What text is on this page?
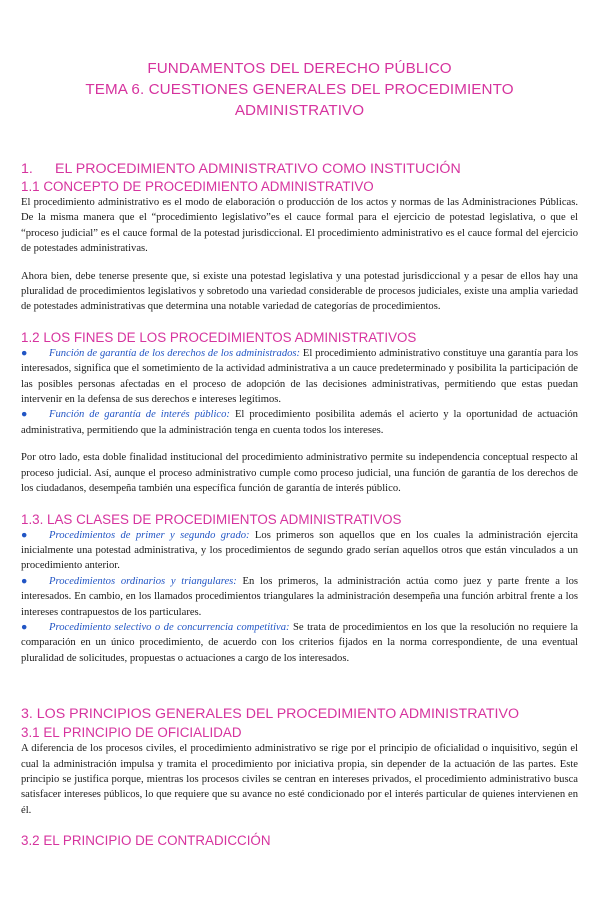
FUNDAMENTOS DEL DERECHO PÚBLICO
TEMA 6. CUESTIONES GENERALES DEL PROCEDIMIENTO
ADMINISTRATIVO
1. EL PROCEDIMIENTO ADMINISTRATIVO COMO INSTITUCIÓN
1.1 CONCEPTO DE PROCEDIMIENTO ADMINISTRATIVO

El procedimiento administrativo es el modo de elaboración o producción de los actos y normas de las Administraciones Públicas. De la misma manera que el “procedimiento legislativo”es el cauce formal para el ejercicio de potestad legislativa, o que el “proceso judicial” es el cauce formal de la potestad jurisdiccional. El procedimiento administrativo es el cauce formal del ejercicio de potestades administrativas.

Ahora bien, debe tenerse presente que, si existe una potestad legislativa y una potestad jurisdiccional y a pesar de ellos hay una pluralidad de procedimientos legislativos y sobretodo una variedad considerable de procesos judiciales, existe una amplia variedad de potestades administrativas que determina una notable variedad de categorías de procedimientos.

1.2 LOS FINES DE LOS PROCEDIMIENTOS ADMINISTRATIVOS

● Función de garantía de los derechos de los administrados: El procedimiento administrativo constituye una garantía para los interesados, significa que el sometimiento de la actividad administrativa a un cauce predeterminado y posibilita la participación de las posibles personas afectadas en el proceso de adopción de las decisiones administrativas, permitiendo que estas puedan intervenir en la defensa de sus derechos e intereses legítimos.

● Función de garantía de interés público: El procedimiento posibilita además el acierto y la oportunidad de actuación administrativa, permitiendo que la administración tenga en cuenta todos los intereses.

Por otro lado, esta doble finalidad institucional del procedimiento administrativo permite su independencia conceptual respecto al proceso judicial. Así, aunque el proceso administrativo cumple como proceso judicial, una función de garantía de los derechos de los ciudadanos, desempeña también una específica función de garantía de interés público.

1.3. LAS CLASES DE PROCEDIMIENTOS ADMINISTRATIVOS

● Procedimientos de primer y segundo grado: Los primeros son aquellos que en los cuales la administración ejercita inicialmente una potestad administrativa, y los procedimientos de segundo grado serían aquellos otros que están vinculados a un procedimiento anterior.

● Procedimientos ordinarios y triangulares: En los primeros, la administración actúa como juez y parte frente a los interesados. En cambio, en los llamados procedimientos triangulares la administración desempeña una función arbitral frente a los intereses contrapuestos de los particulares.

● Procedimiento selectivo o de concurrencia competitiva: Se trata de procedimientos en los que la resolución no requiere la comparación en un único procedimiento, de acuerdo con los criterios fijados en la norma correspondiente, de una eventual pluralidad de solicitudes, propuestas o actuaciones a cargo de los interesados.

3. LOS PRINCIPIOS GENERALES DEL PROCEDIMIENTO ADMINISTRATIVO
3.1 EL PRINCIPIO DE OFICIALIDAD

A diferencia de los procesos civiles, el procedimiento administrativo se rige por el principio de oficialidad o inquisitivo, según el cual la administración impulsa y tramita el procedimiento por iniciativa propia, sin depender de la actuación de las partes. Este principio se justifica porque, mientras los procesos civiles se centran en intereses privados, el procedimiento administrativo busca satisfacer intereses públicos, lo que requiere que su avance no esté condicionado por el interés particular de quienes intervienen en él.

3.2 EL PRINCIPIO DE CONTRADICCIÓN
